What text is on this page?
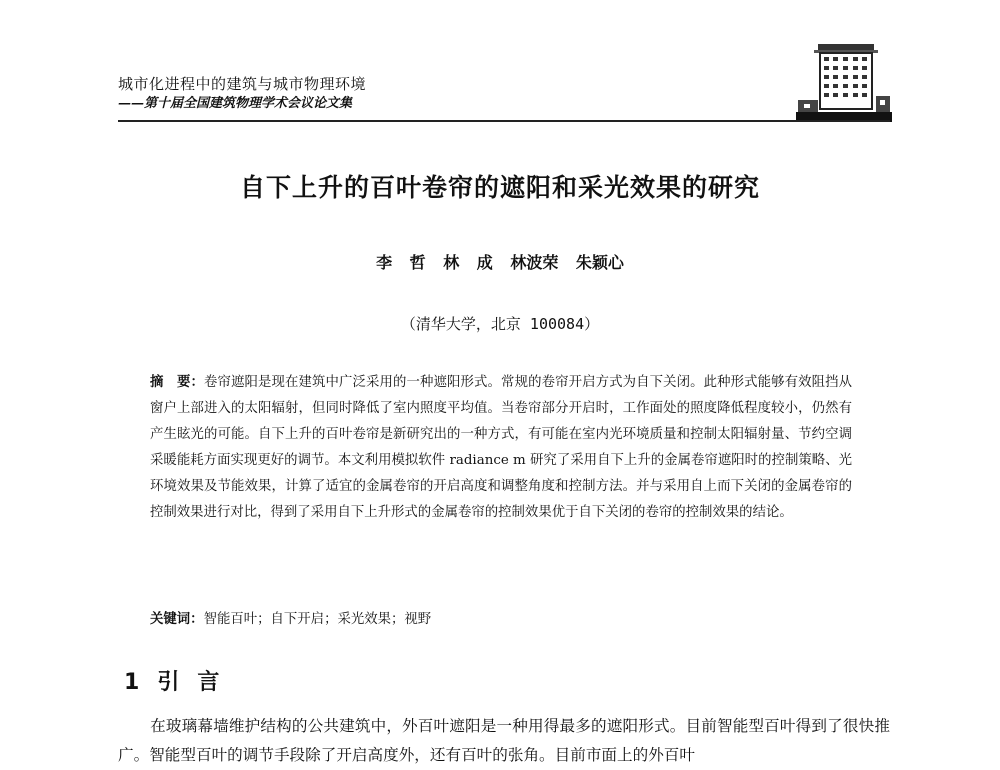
城市化进程中的建筑与城市物理环境
——第十届全国建筑物理学术会议论文集
自下上升的百叶卷帘的遮阳和采光效果的研究
李 哲 林 成 林波荣 朱颖心
（清华大学，北京 100084）
摘　要：卷帘遮阳是现在建筑中广泛采用的一种遮阳形式。常规的卷帘开启方式为自下关闭。此种形式能够有效阻挡从窗户上部进入的太阳辐射，但同时降低了室内照度平均值。当卷帘部分开启时，工作面处的照度降低程度较小，仍然有产生眩光的可能。自下上升的百叶卷帘是新研究出的一种方式，有可能在室内光环境质量和控制太阳辐射量、节约空调采暖能耗方面实现更好的调节。本文利用模拟软件 radiance m 研究了采用自下上升的金属卷帘遮阳时的控制策略、光环境效果及节能效果，计算了适宜的金属卷帘的开启高度和调整角度和控制方法。并与采用自上而下关闭的金属卷帘的控制效果进行对比，得到了采用自下上升形式的金属卷帘的控制效果优于自下关闭的卷帘的控制效果的结论。
关键词：智能百叶；自下开启；采光效果；视野
1 引言
在玻璃幕墙维护结构的公共建筑中，外百叶遮阳是一种用得最多的遮阳形式。目前智能型百叶得到了很快推广。智能型百叶的调节手段除了开启高度外，还有百叶的张角。目前市面上的外百叶
